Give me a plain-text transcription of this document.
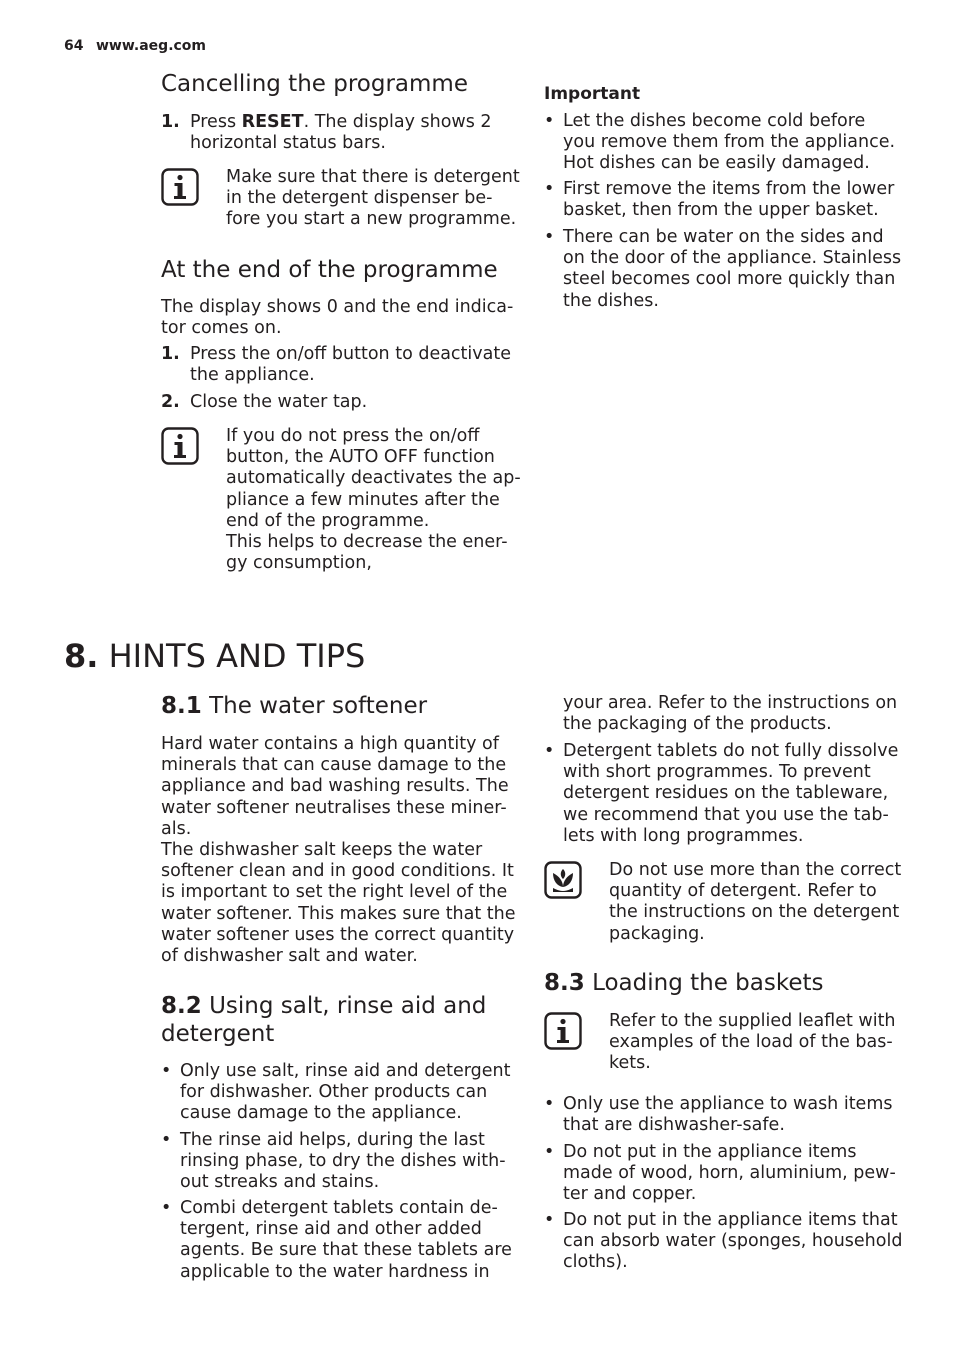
64 www.aeg.com
Cancelling the programme
1. Press RESET. The display shows 2
horizontal status bars.
Make sure that there is detergent
in the detergent dispenser be-
fore you start a new programme.
At the end of the programme
The display shows 0 and the end indica-
tor comes on.
1. Press the on/off button to deactivate
the appliance.
2. Close the water tap.
If you do not press the on/off
button, the AUTO OFF function
automatically deactivates the ap-
pliance a few minutes after the
end of the programme.
This helps to decrease the ener-
gy consumption,
Important
• Let the dishes become cold before
you remove them from the appliance.
Hot dishes can be easily damaged.
• First remove the items from the lower
basket, then from the upper basket.
• There can be water on the sides and
on the door of the appliance. Stainless
steel becomes cool more quickly than
the dishes.
8. HINTS AND TIPS
8.1 The water softener
Hard water contains a high quantity of
minerals that can cause damage to the
appliance and bad washing results. The
water softener neutralises these miner-
als.
The dishwasher salt keeps the water
softener clean and in good conditions. It
is important to set the right level of the
water softener. This makes sure that the
water softener uses the correct quantity
of dishwasher salt and water.
8.2 Using salt, rinse aid and
detergent
• Only use salt, rinse aid and detergent
for dishwasher. Other products can
cause damage to the appliance.
• The rinse aid helps, during the last
rinsing phase, to dry the dishes with-
out streaks and stains.
• Combi detergent tablets contain de-
tergent, rinse aid and other added
agents. Be sure that these tablets are
applicable to the water hardness in
your area. Refer to the instructions on
the packaging of the products.
• Detergent tablets do not fully dissolve
with short programmes. To prevent
detergent residues on the tableware,
we recommend that you use the tab-
lets with long programmes.
Do not use more than the correct
quantity of detergent. Refer to
the instructions on the detergent
packaging.
8.3 Loading the baskets
Refer to the supplied leaflet with
examples of the load of the bas-
kets.
• Only use the appliance to wash items
that are dishwasher-safe.
• Do not put in the appliance items
made of wood, horn, aluminium, pew-
ter and copper.
• Do not put in the appliance items that
can absorb water (sponges, household
cloths).
